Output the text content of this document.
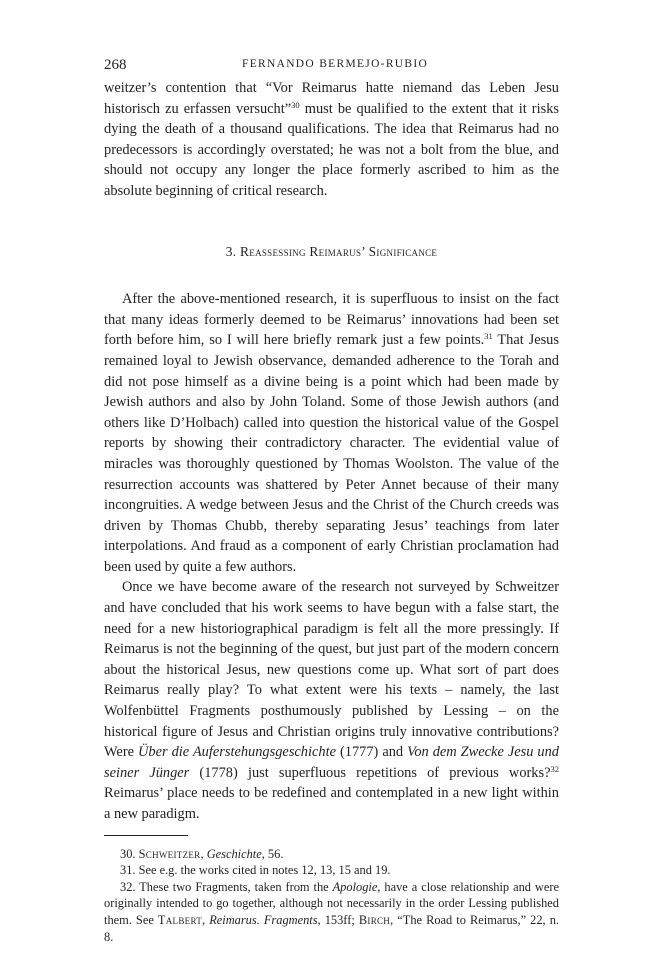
268	FERNANDO BERMEJO-RUBIO

weitzer’s contention that “Vor Reimarus hatte niemand das Leben Jesu historisch zu erfassen versucht”$^{30}$ must be qualified to the extent that it risks dying the death of a thousand qualifications. The idea that Reimarus had no predecessors is accordingly overstated; he was not a bolt from the blue, and should not occupy any longer the place formerly ascribed to him as the absolute beginning of critical research.

3. Reassessing Reimarus’ Significance

After the above-mentioned research, it is superfluous to insist on the fact that many ideas formerly deemed to be Reimarus’ innovations had been set forth before him, so I will here briefly remark just a few points.$^{31}$ That Jesus remained loyal to Jewish observance, demanded adherence to the Torah and did not pose himself as a divine being is a point which had been made by Jewish authors and also by John Toland. Some of those Jewish authors (and others like D’Holbach) called into question the historical value of the Gospel reports by showing their contradictory character. The evidential value of miracles was thoroughly questioned by Thomas Woolston. The value of the resurrection accounts was shattered by Peter Annet because of their many incongruities. A wedge between Jesus and the Christ of the Church creeds was driven by Thomas Chubb, thereby separating Jesus’ teachings from later interpolations. And fraud as a component of early Christian proclamation had been used by quite a few authors.

Once we have become aware of the research not surveyed by Schweitzer and have concluded that his work seems to have begun with a false start, the need for a new historiographical paradigm is felt all the more pressingly. If Reimarus is not the beginning of the quest, but just part of the modern concern about the historical Jesus, new questions come up. What sort of part does Reimarus really play? To what extent were his texts – namely, the last Wolfenbüttel Fragments posthumously published by Lessing – on the historical figure of Jesus and Christian origins truly innovative contributions? Were Über die Auferstehungsgeschichte (1777) and Von dem Zwecke Jesu und seiner Jünger (1778) just superfluous repetitions of previous works?$^{32}$ Reimarus’ place needs to be redefined and contemplated in a new light within a new paradigm.

30. Schweitzer, Geschichte, 56.

31. See e.g. the works cited in notes 12, 13, 15 and 19.

32. These two Fragments, taken from the Apologie, have a close relationship and were originally intended to go together, although not necessarily in the order Lessing published them. See Talbert, Reimarus. Fragments, 153ff; Birch, “The Road to Reimarus,” 22, n. 8.
